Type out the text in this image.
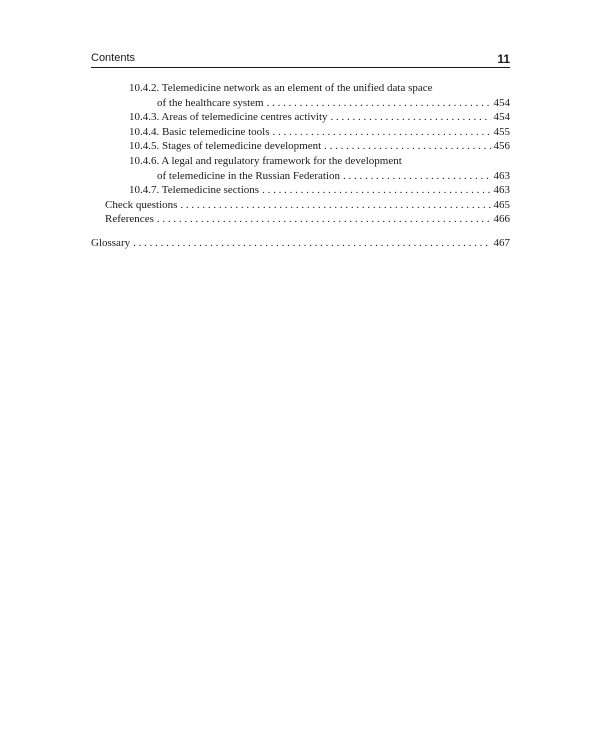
Contents	11
10.4.2. Telemedicine network as an element of the unified data space
of the healthcare system . . .	454
10.4.3. Areas of telemedicine centres activity . . .	454
10.4.4. Basic telemedicine tools . . .	455
10.4.5. Stages of telemedicine development . . .	456
10.4.6. A legal and regulatory framework for the development
of telemedicine in the Russian Federation . . .	463
10.4.7. Telemedicine sections . . .	463
Check questions . . .	465
References . . .	466
Glossary . . .	467
